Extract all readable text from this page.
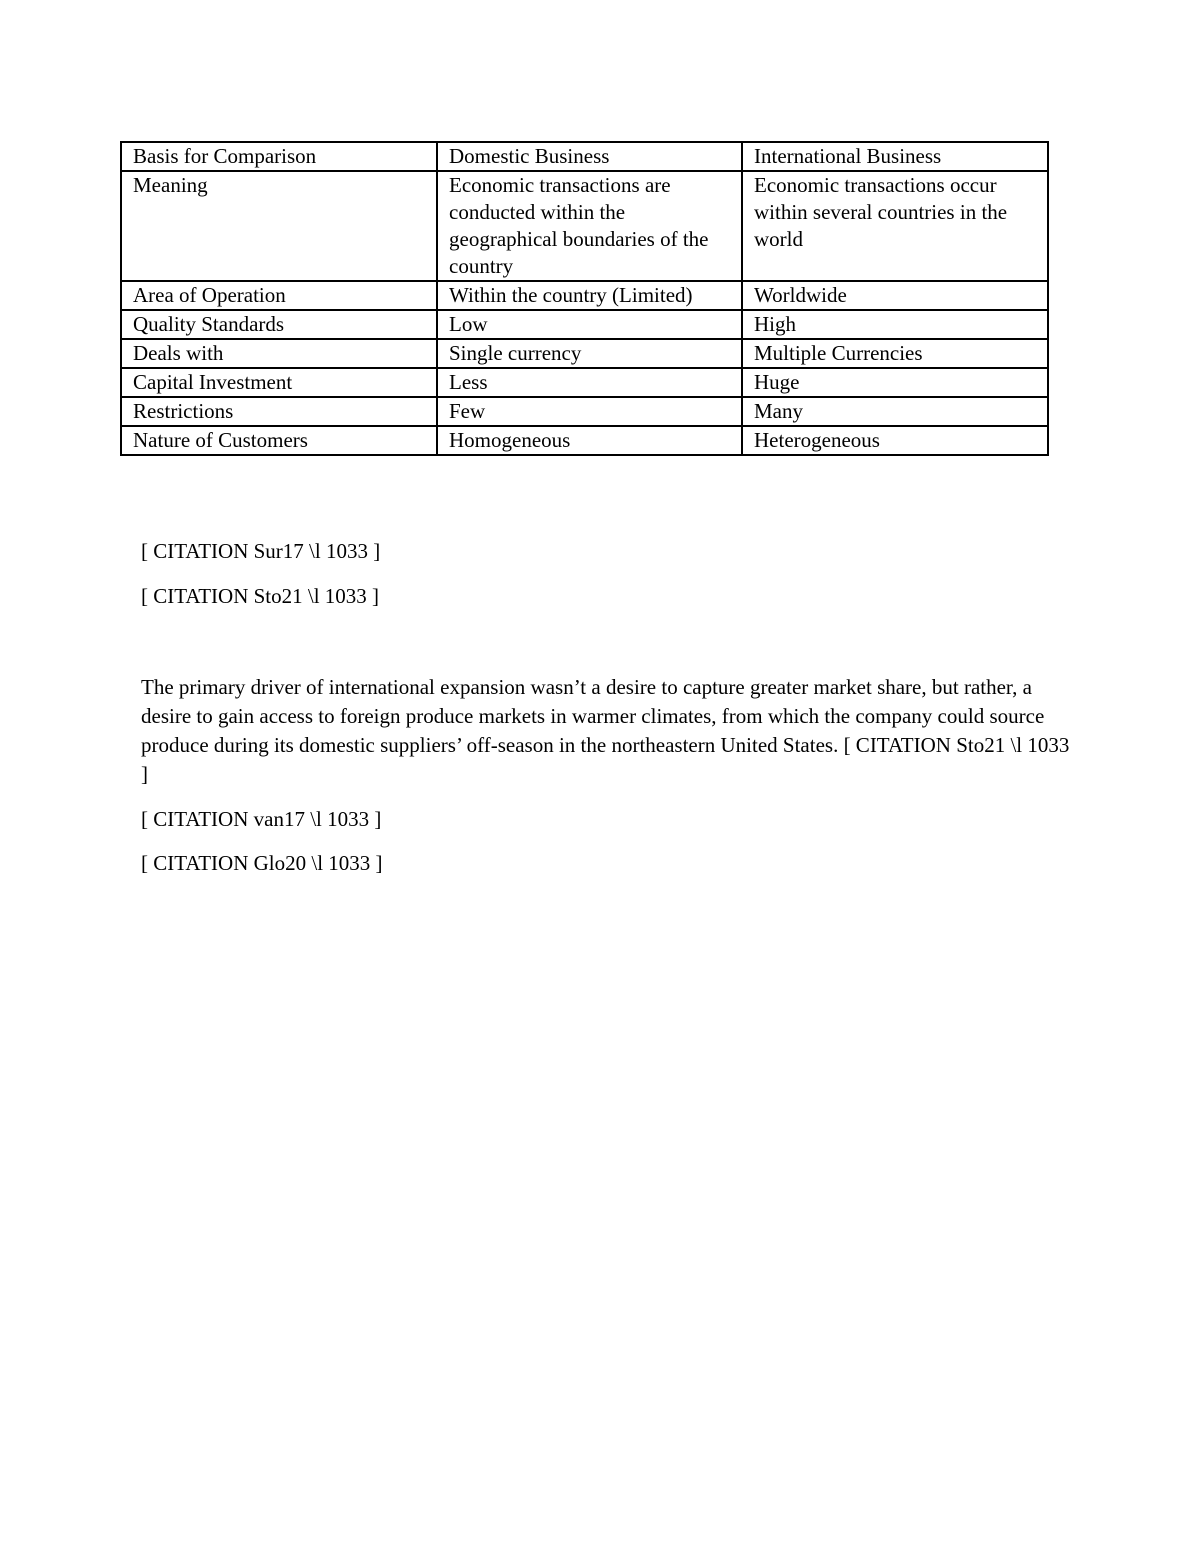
Basis for Comparison	Domestic Business	International Business
Meaning	Economic transactions are conducted within the geographical boundaries of the country	Economic transactions occur within several countries in the world
Area of Operation	Within the country (Limited)	Worldwide
Quality Standards	Low	High
Deals with	Single currency	Multiple Currencies
Capital Investment	Less	Huge
Restrictions	Few	Many
Nature of Customers	Homogeneous	Heterogeneous

[ CITATION Sur17 \l 1033 ]

[ CITATION Sto21 \l 1033 ]

The primary driver of international expansion wasn’t a desire to capture greater market share, but rather, a desire to gain access to foreign produce markets in warmer climates, from which the company could source produce during its domestic suppliers’ off-season in the northeastern United States. [ CITATION Sto21 \l 1033 ]

[ CITATION van17 \l 1033 ]

[ CITATION Glo20 \l 1033 ]
